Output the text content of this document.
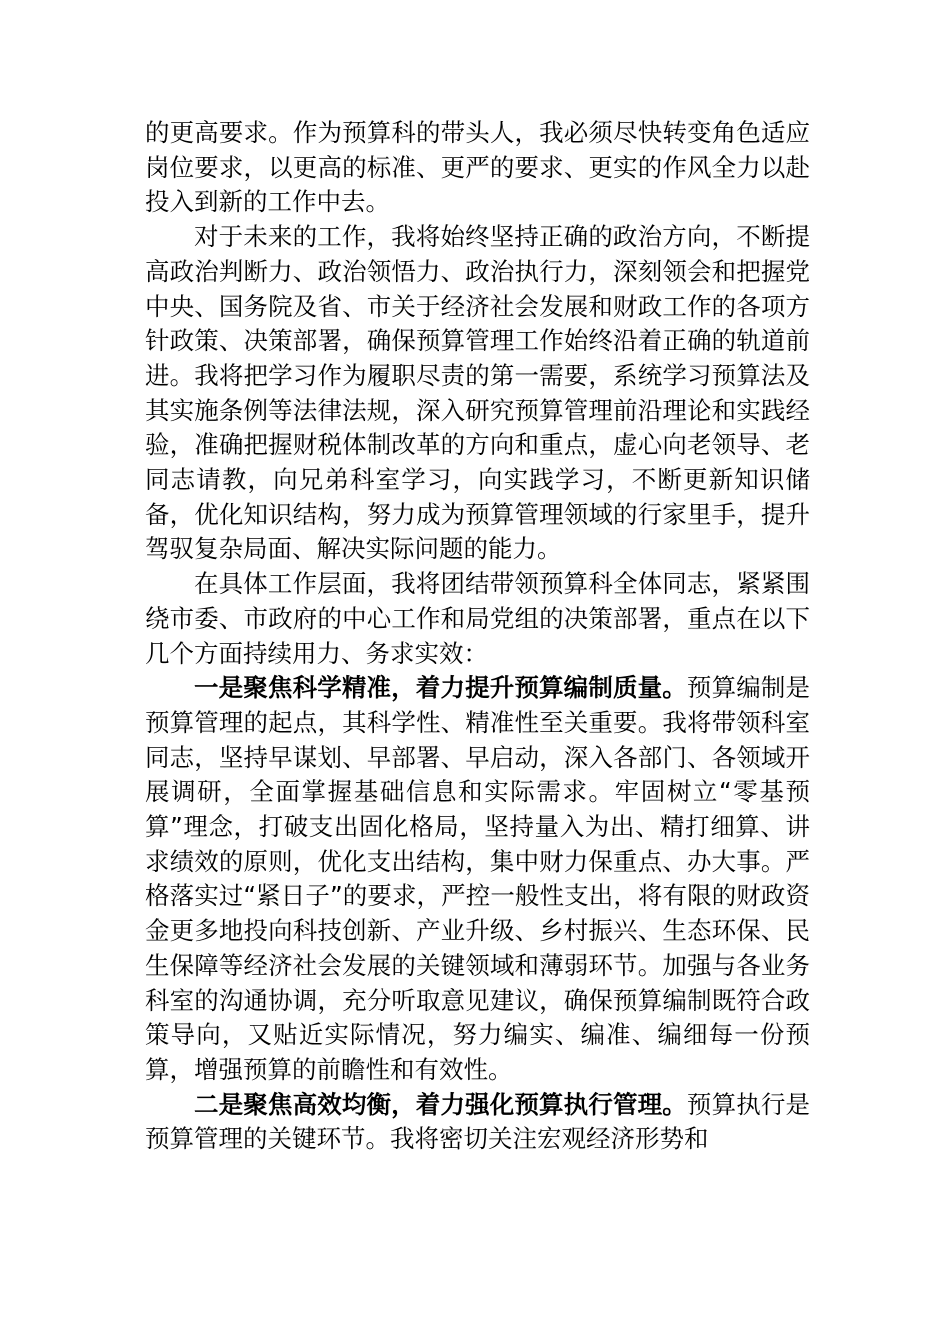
的更高要求。作为预算科的带头人，我必须尽快转变角色适应岗位要求，以更高的标准、更严的要求、更实的作风全力以赴投入到新的工作中去。

对于未来的工作，我将始终坚持正确的政治方向，不断提高政治判断力、政治领悟力、政治执行力，深刻领会和把握党中央、国务院及省、市关于经济社会发展和财政工作的各项方针政策、决策部署，确保预算管理工作始终沿着正确的轨道前进。我将把学习作为履职尽责的第一需要，系统学习预算法及其实施条例等法律法规，深入研究预算管理前沿理论和实践经验，准确把握财税体制改革的方向和重点，虚心向老领导、老同志请教，向兄弟科室学习，向实践学习，不断更新知识储备，优化知识结构，努力成为预算管理领域的行家里手，提升驾驭复杂局面、解决实际问题的能力。

在具体工作层面，我将团结带领预算科全体同志，紧紧围绕市委、市政府的中心工作和局党组的决策部署，重点在以下几个方面持续用力、务求实效：

一是聚焦科学精准，着力提升预算编制质量。预算编制是预算管理的起点，其科学性、精准性至关重要。我将带领科室同志，坚持早谋划、早部署、早启动，深入各部门、各领域开展调研，全面掌握基础信息和实际需求。牢固树立“零基预算”理念，打破支出固化格局，坚持量入为出、精打细算、讲求绩效的原则，优化支出结构，集中财力保重点、办大事。严格落实过“紧日子”的要求，严控一般性支出，将有限的财政资金更多地投向科技创新、产业升级、乡村振兴、生态环保、民生保障等经济社会发展的关键领域和薄弱环节。加强与各业务科室的沟通协调，充分听取意见建议，确保预算编制既符合政策导向，又贴近实际情况，努力编实、编准、编细每一份预算，增强预算的前瞻性和有效性。

二是聚焦高效均衡，着力强化预算执行管理。预算执行是预算管理的关键环节。我将密切关注宏观经济形势和
